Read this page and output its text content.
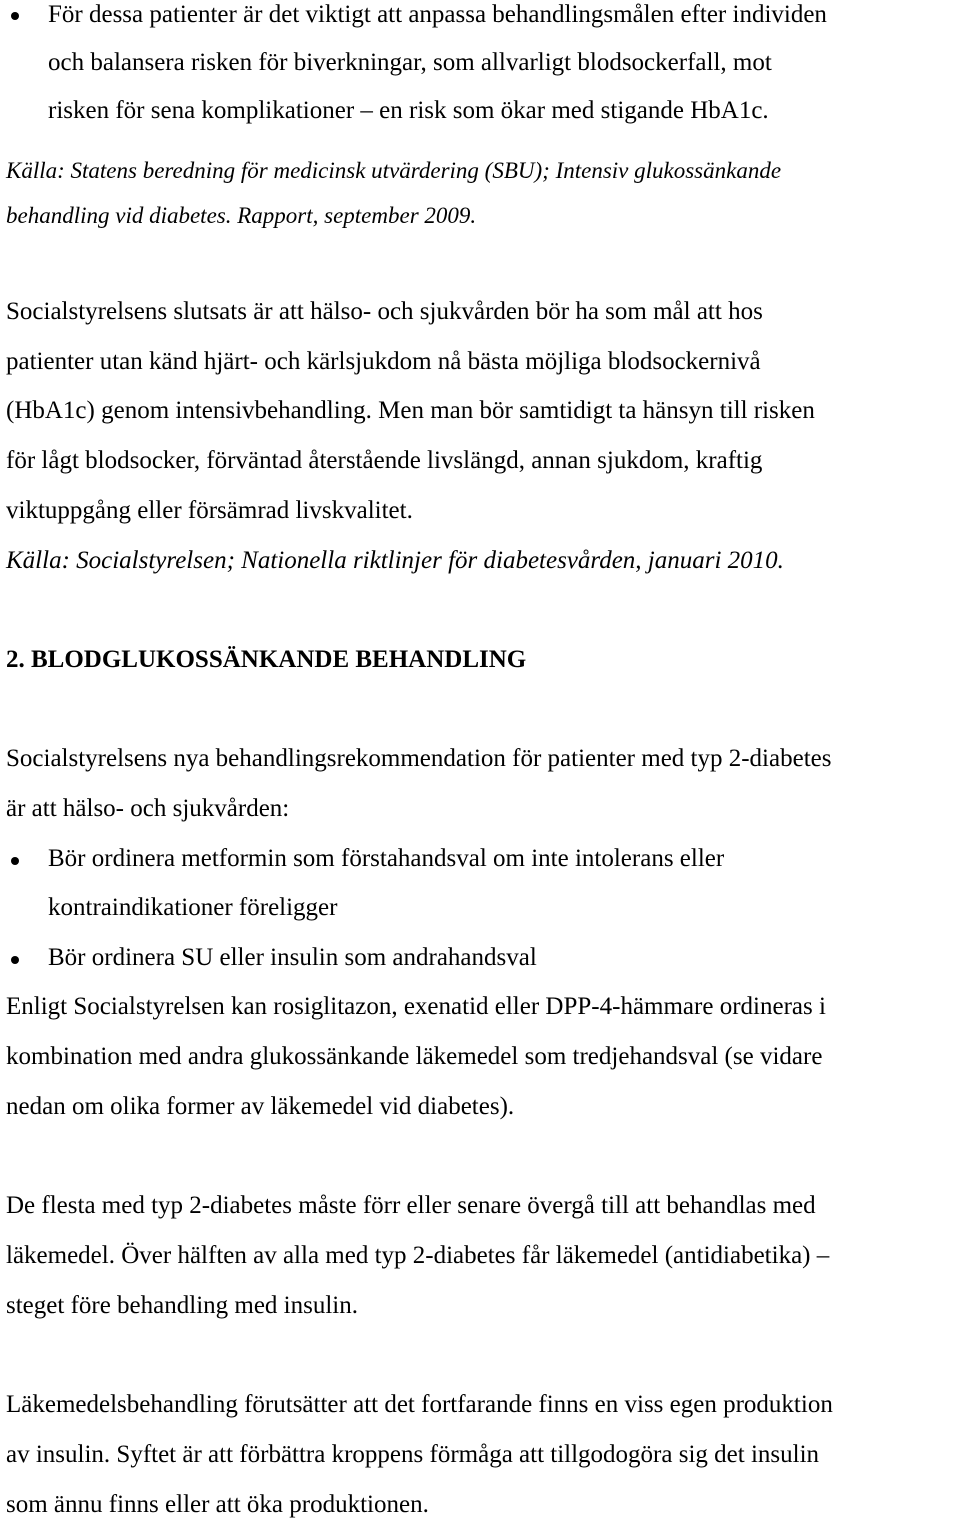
För dessa patienter är det viktigt att anpassa behandlingsmålen efter individen
och balansera risken för biverkningar, som allvarligt blodsockerfall, mot
risken för sena komplikationer – en risk som ökar med stigande HbA1c.
Källa: Statens beredning för medicinsk utvärdering (SBU); Intensiv glukossänkande
behandling vid diabetes. Rapport, september 2009.
Socialstyrelsens slutsats är att hälso- och sjukvården bör ha som mål att hos
patienter utan känd hjärt- och kärlsjukdom nå bästa möjliga blodsockernivå
(HbA1c) genom intensivbehandling. Men man bör samtidigt ta hänsyn till risken
för lågt blodsocker, förväntad återstående livslängd, annan sjukdom, kraftig
viktuppgång eller försämrad livskvalitet.
Källa: Socialstyrelsen; Nationella riktlinjer för diabetesvården, januari 2010.
2. BLODGLUKOSSÄNKANDE BEHANDLING
Socialstyrelsens nya behandlingsrekommendation för patienter med typ 2-diabetes
är att hälso- och sjukvården:
Bör ordinera metformin som förstahandsval om inte intolerans eller
kontraindikationer föreligger
Bör ordinera SU eller insulin som andrahandsval
Enligt Socialstyrelsen kan rosiglitazon, exenatid eller DPP-4-hämmare ordineras i
kombination med andra glukossänkande läkemedel som tredjehandsval (se vidare
nedan om olika former av läkemedel vid diabetes).
De flesta med typ 2-diabetes måste förr eller senare övergå till att behandlas med
läkemedel. Över hälften av alla med typ 2-diabetes får läkemedel (antidiabetika) –
steget före behandling med insulin.
Läkemedelsbehandling förutsätter att det fortfarande finns en viss egen produktion
av insulin. Syftet är att förbättra kroppens förmåga att tillgodogöra sig det insulin
som ännu finns eller att öka produktionen.
